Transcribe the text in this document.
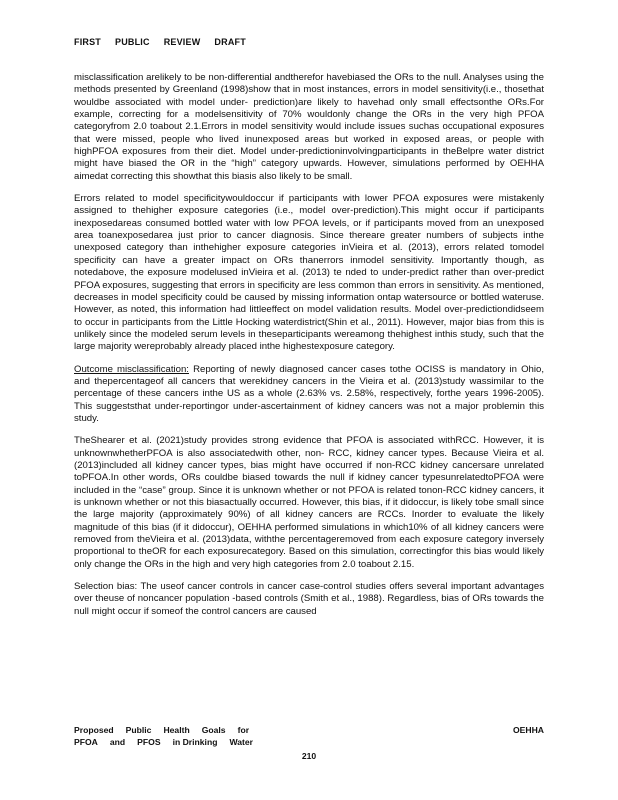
FIRST PUBLIC REVIEW DRAFT

misclassification arelikely to be non-differential andtherefor havebiased the ORs to the null. Analyses using the methods presented by Greenland (1998)show that in most instances, errors in model sensitivity(i.e., thosethat wouldbe associated with model under- prediction)are likely to havehad only small effectsonthe ORs.For example, correcting for a modelsensitivity of 70% wouldonly change the ORs in the very high PFOA categoryfrom 2.0 toabout 2.1.Errors in model sensitivity would include issues suchas occupational exposures that were missed, people who lived inunexposed areas but worked in exposed areas, or people with highPFOA exposures from their diet. Model under-predictioninvolvingparticipants in theBelpre water district might have biased the OR in the “high” category upwards. However, simulations performed by OEHHA aimedat correcting this showthat this biasis also likely to be small.

Errors related to model specificitywouldoccur if participants with lower PFOA exposures were mistakenly assigned to thehigher exposure categories (i.e., model over-prediction).This might occur if participants inexposedareas consumed bottled water with low PFOA levels, or if participants moved from an unexposed area toanexposedarea just prior to cancer diagnosis. Since thereare greater numbers of subjects inthe unexposed category than inthehigher exposure categories inVieira et al. (2013), errors related tomodel specificity can have a greater impact on ORs thanerrors inmodel sensitivity. Importantly though, as notedabove, the exposure modelused inVieira et al. (2013) te nded to under-predict rather than over-predict PFOA exposures, suggesting that errors in specificity are less common than errors in sensitivity. As mentioned, decreases in model specificity could be caused by missing information ontap watersource or bottled wateruse. However, as noted, this information had littleeffect on model validation results. Model over-predictiondidseem to occur in participants from the Little Hocking waterdistrict(Shin et al., 2011). However, major bias from this is unlikely since the modeled serum levels in theseparticipants wereamong thehighest inthis study, such that the large majority wereprobably already placed inthe highestexposure category.

Outcome misclassification: Reporting of newly diagnosed cancer cases tothe OCISS is mandatory in Ohio, and thepercentageof all cancers that werekidney cancers in the Vieira et al. (2013)study wassimilar to the percentage of these cancers inthe US as a whole (2.63% vs. 2.58%, respectively, forthe years 1996-2005). This suggeststhat under-reportingor under-ascertainment of kidney cancers was not a major problemin this study.

TheShearer et al. (2021)study provides strong evidence that PFOA is associated withRCC. However, it is unknownwhetherPFOA is also associatedwith other, non- RCC, kidney cancer types. Because Vieira et al. (2013)included all kidney cancer types, bias might have occurred if non-RCC kidney cancersare unrelated toPFOA.In other words, ORs couldbe biased towards the null if kidney cancer typesunrelatedtoPFOA were included in the “case” group. Since it is unknown whether or not PFOA is related tonon-RCC kidney cancers, it is unknown whether or not this biasactually occurred. However, this bias, if it didoccur, is likely tobe small since the large majority (approximately 90%) of all kidney cancers are RCCs. Inorder to evaluate the likely magnitude of this bias (if it didoccur), OEHHA performed simulations in which10% of all kidney cancers were removed from theVieira et al. (2013)data, withthe percentageremoved from each exposure category inversely proportional to theOR for each exposurecategory. Based on this simulation, correctingfor this bias would likely only change the ORs in the high and very high categories from 2.0 toabout 2.15.

Selection bias: The useof cancer controls in cancer case-control studies offers several important advantages over theuse of noncancer population -based controls (Smith et al., 1988). Regardless, bias of ORs towards the null might occur if someof the control cancers are caused

Proposed Public Health Goals for	OEHHA
PFOA and PFOS in Drinking Water
210
